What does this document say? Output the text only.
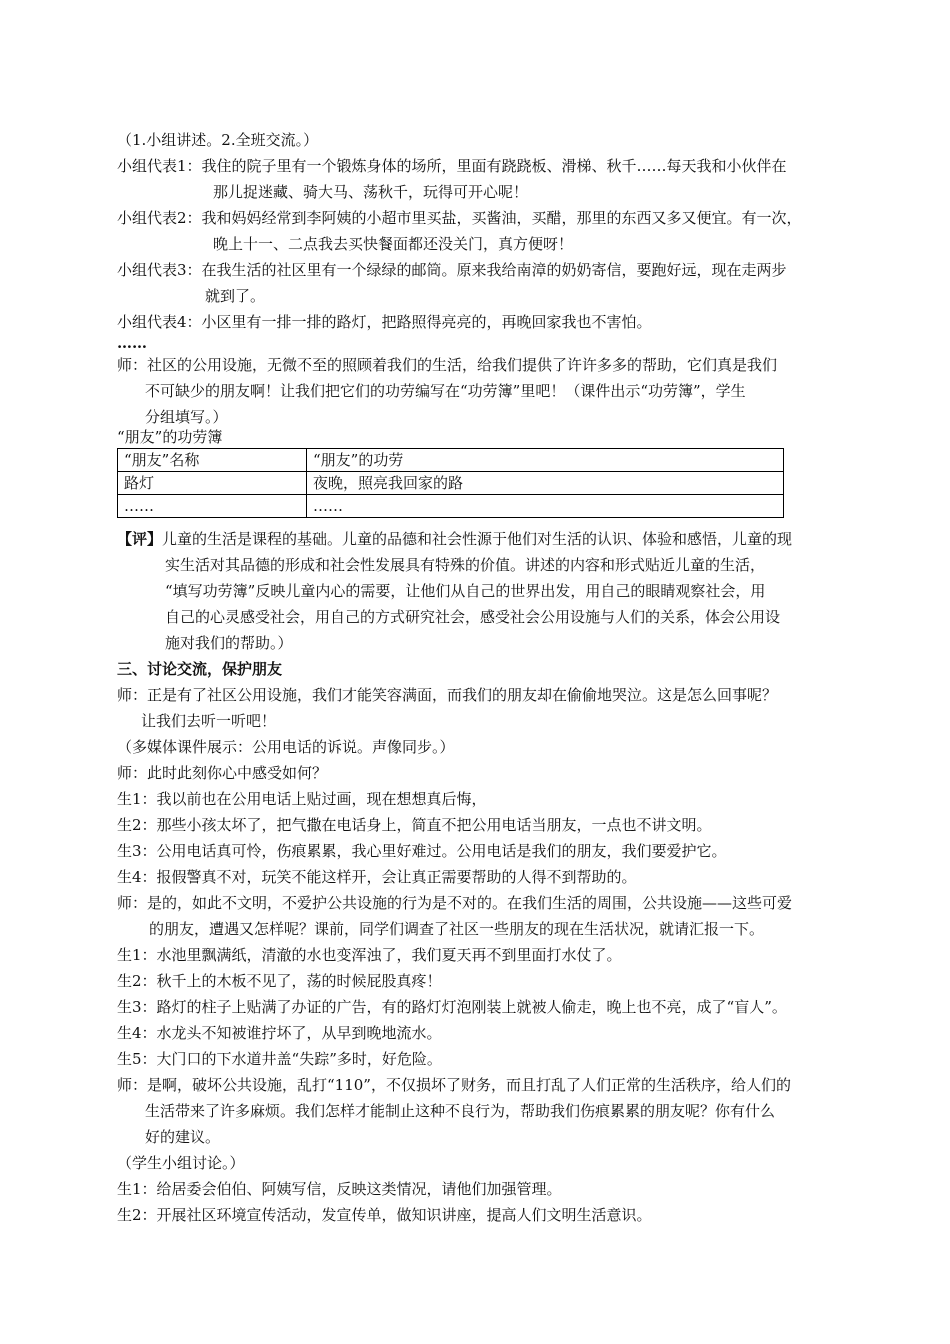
（1.小组讲述。2.全班交流。）
小组代表1：我住的院子里有一个锻炼身体的场所，里面有跷跷板、滑梯、秋千……每天我和小伙伴在
那儿捉迷藏、骑大马、荡秋千，玩得可开心呢！
小组代表2：我和妈妈经常到李阿姨的小超市里买盐，买酱油，买醋，那里的东西又多又便宜。有一次，
晚上十一、二点我去买快餐面都还没关门，真方便呀！
小组代表3：在我生活的社区里有一个绿绿的邮筒。原来我给南漳的奶奶寄信，要跑好远，现在走两步
就到了。
小组代表4：小区里有一排一排的路灯，把路照得亮亮的，再晚回家我也不害怕。
……
师：社区的公用设施，无微不至的照顾着我们的生活，给我们提供了许许多多的帮助，它们真是我们
不可缺少的朋友啊！让我们把它们的功劳编写在“功劳簿”里吧！（课件出示“功劳簿”，学生
分组填写。）
“朋友”的功劳簿
“朋友”名称	“朋友”的功劳
路灯	夜晚，照亮我回家的路
……	……
【评】儿童的生活是课程的基础。儿童的品德和社会性源于他们对生活的认识、体验和感悟，儿童的现
实生活对其品德的形成和社会性发展具有特殊的价值。讲述的内容和形式贴近儿童的生活，
“填写功劳簿”反映儿童内心的需要，让他们从自己的世界出发，用自己的眼睛观察社会，用
自己的心灵感受社会，用自己的方式研究社会，感受社会公用设施与人们的关系，体会公用设
施对我们的帮助。）
三、讨论交流，保护朋友
师：正是有了社区公用设施，我们才能笑容满面，而我们的朋友却在偷偷地哭泣。这是怎么回事呢？
让我们去听一听吧！
（多媒体课件展示：公用电话的诉说。声像同步。）
师：此时此刻你心中感受如何？
生1：我以前也在公用电话上贴过画，现在想想真后悔，
生2：那些小孩太坏了，把气撒在电话身上，简直不把公用电话当朋友，一点也不讲文明。
生3：公用电话真可怜，伤痕累累，我心里好难过。公用电话是我们的朋友，我们要爱护它。
生4：报假警真不对，玩笑不能这样开，会让真正需要帮助的人得不到帮助的。
师：是的，如此不文明，不爱护公共设施的行为是不对的。在我们生活的周围，公共设施——这些可爱
的朋友，遭遇又怎样呢？课前，同学们调查了社区一些朋友的现在生活状况，就请汇报一下。
生1：水池里飘满纸，清澈的水也变浑浊了，我们夏天再不到里面打水仗了。
生2：秋千上的木板不见了，荡的时候屁股真疼！
生3：路灯的柱子上贴满了办证的广告，有的路灯灯泡刚装上就被人偷走，晚上也不亮，成了“盲人”。
生4：水龙头不知被谁拧坏了，从早到晚地流水。
生5：大门口的下水道井盖“失踪”多时，好危险。
师：是啊，破坏公共设施，乱打“110”，不仅损坏了财务，而且打乱了人们正常的生活秩序，给人们的
生活带来了许多麻烦。我们怎样才能制止这种不良行为，帮助我们伤痕累累的朋友呢？你有什么
好的建议。
（学生小组讨论。）
生1：给居委会伯伯、阿姨写信，反映这类情况，请他们加强管理。
生2：开展社区环境宣传活动，发宣传单，做知识讲座，提高人们文明生活意识。
